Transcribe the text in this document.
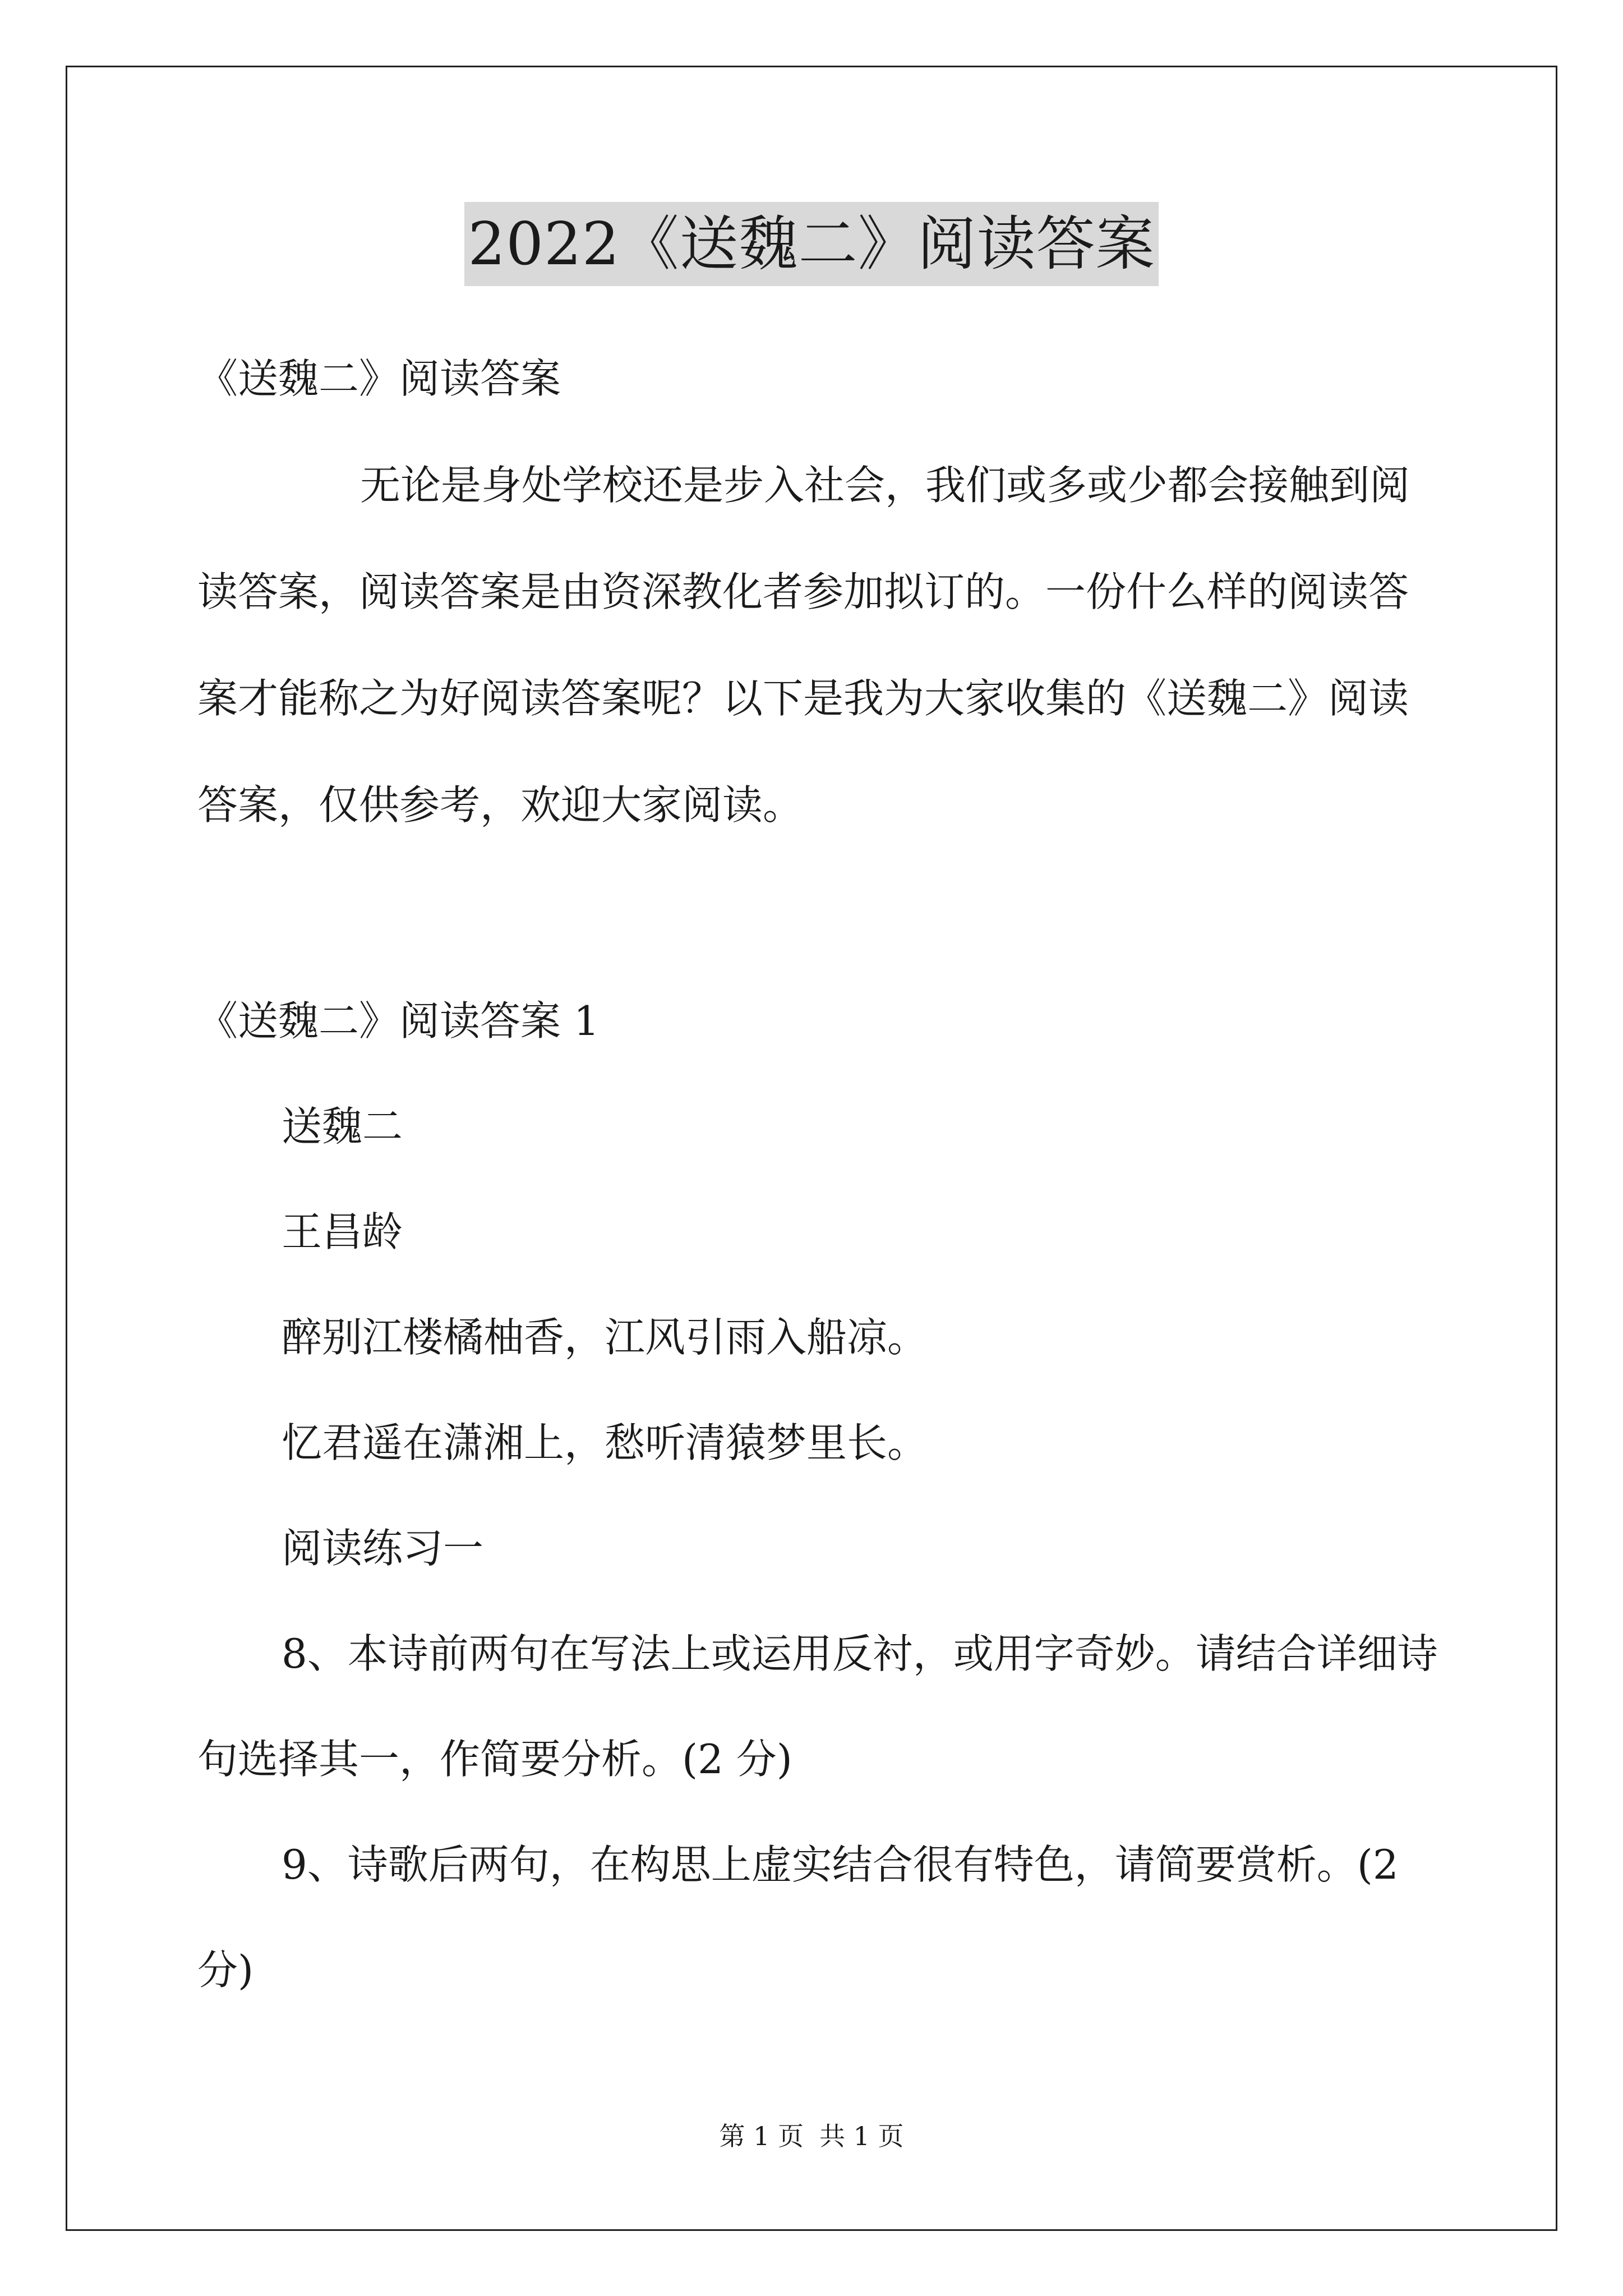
2022《送魏二》阅读答案
《送魏二》阅读答案
无论是身处学校还是步入社会，我们或多或少都会接触到阅
读答案，阅读答案是由资深教化者参加拟订的。一份什么样的阅读答
案才能称之为好阅读答案呢？以下是我为大家收集的《送魏二》阅读
答案，仅供参考，欢迎大家阅读。
《送魏二》阅读答案 1
送魏二
王昌龄
醉别江楼橘柚香，江风引雨入船凉。
忆君遥在潇湘上，愁听清猿梦里长。
阅读练习一
8、本诗前两句在写法上或运用反衬，或用字奇妙。请结合详细诗
句选择其一，作简要分析。(2 分)
9、诗歌后两句，在构思上虚实结合很有特色，请简要赏析。(2
分)
第 1 页 共 1 页
